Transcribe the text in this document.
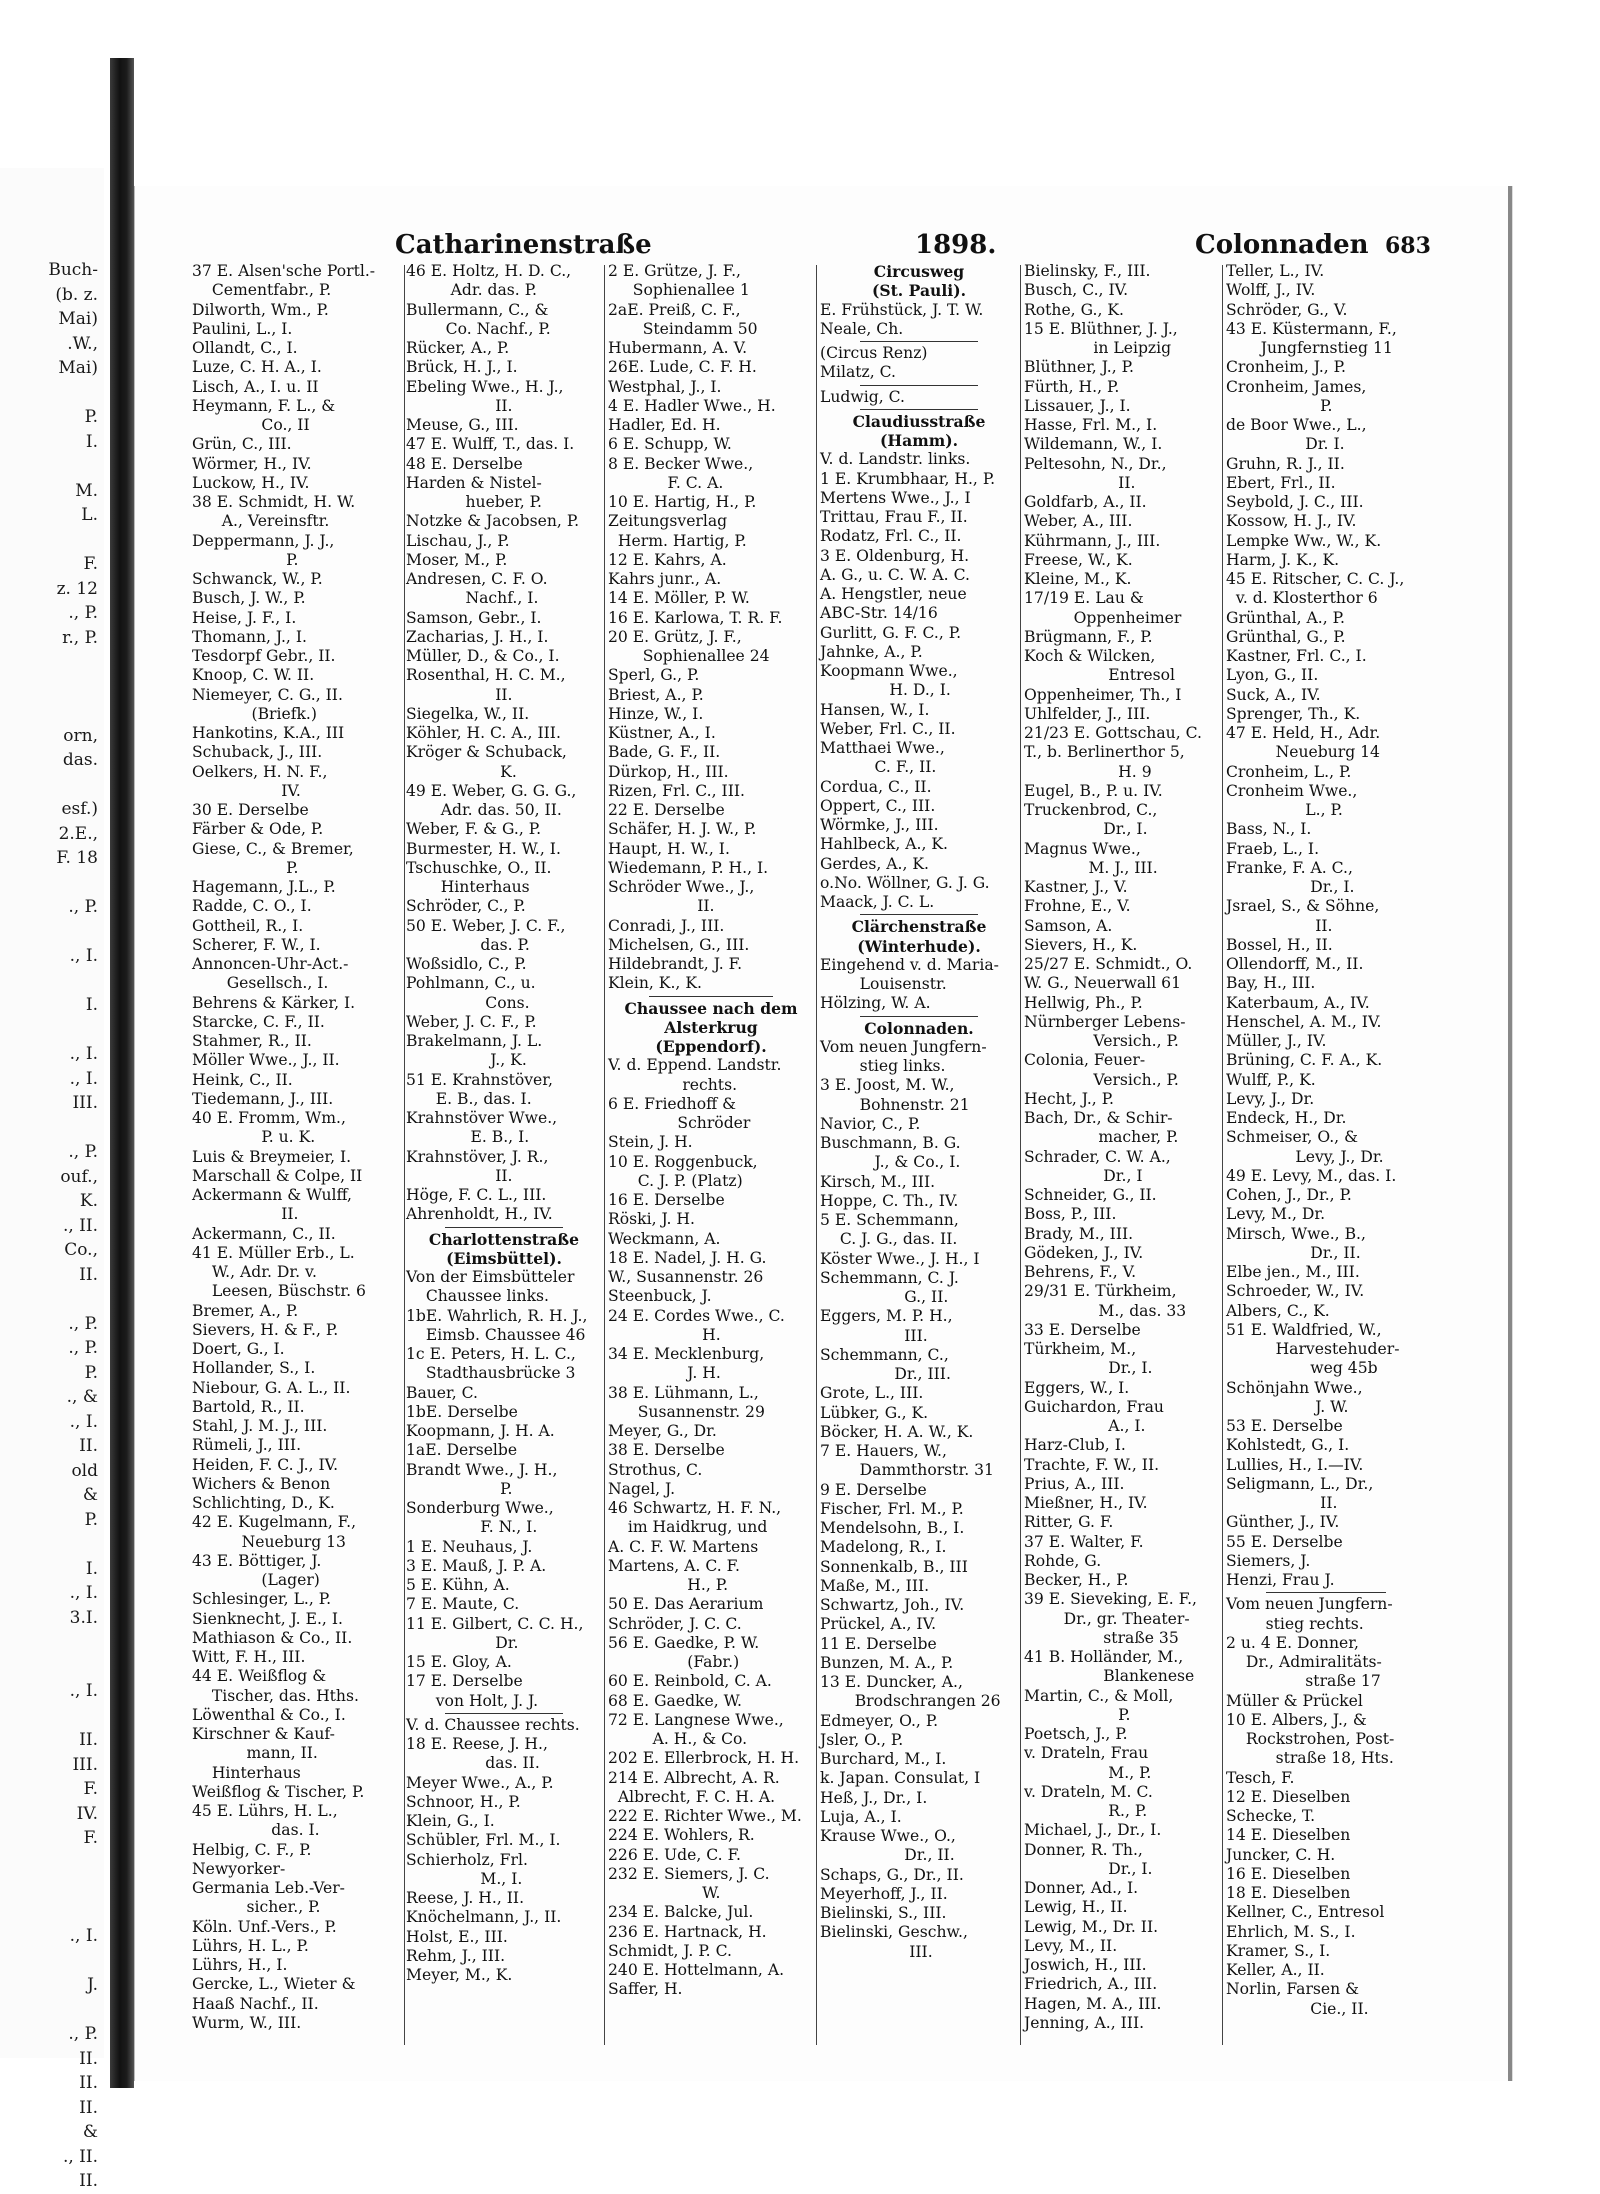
Buch-
(b. z.
Mai)
.W.,
Mai)

P.
I.

M.
L.

F.
z. 12
., P.
r., P.

orn,
das.

esf.)
2.E.,
F. 18

., P.

., I.

I.

., I.
., I.
III.

., P.
ouf.,
K.
., II.
Co.,
II.

., P.
., P.
P.
., &
., I.
II.
old
&
P.

I.
., I.
3.I.

., I.

II.
III.
F.
IV.
F.

., I.

J.

., P.
II.
II.
II.
&
., II.
II.
Catharinenstraße	1898.	Colonnaden 683
37 E. Alsen'sche Portl.-
Cementfabr., P.
Dilworth, Wm., P.
Paulini, L., I.
Ollandt, C., I.
Luze, C. H. A., I.
Lisch, A., I. u. II
Heymann, F. L., &
Co., II
Grün, C., III.
Wörmer, H., IV.
Luckow, H., IV.
38 E. Schmidt, H. W.
A., Vereinsftr.
Deppermann, J. J.,
P.
Schwanck, W., P.
Busch, J. W., P.
Heise, J. F., I.
Thomann, J., I.
Tesdorpf Gebr., II.
Knoop, C. W. II.
Niemeyer, C. G., II.
(Briefk.)
Hankotins, K.A., III
Schuback, J., III.
Oelkers, H. N. F.,
IV.
30 E. Derselbe
Färber & Ode, P.
Giese, C., & Bremer,
P.
Hagemann, J.L., P.
Radde, C. O., I.
Gottheil, R., I.
Scherer, F. W., I.
Annoncen-Uhr-Act.-
Gesellsch., I.
Behrens & Kärker, I.
Starcke, C. F., II.
Stahmer, R., II.
Möller Wwe., J., II.
Heink, C., II.
Tiedemann, J., III.
40 E. Fromm, Wm.,
P. u. K.
Luis & Breymeier, I.
Marschall & Colpe, II
Ackermann & Wulff,
II.
Ackermann, C., II.
41 E. Müller Erb., L.
W., Adr. Dr. v.
Leesen, Büschstr. 6
Bremer, A., P.
Sievers, H. & F., P.
Doert, G., I.
Hollander, S., I.
Niebour, G. A. L., II.
Bartold, R., II.
Stahl, J. M. J., III.
Rümeli, J., III.
Heiden, F. C. J., IV.
Wichers & Benon
Schlichting, D., K.
42 E. Kugelmann, F.,
Neueburg 13
43 E. Böttiger, J.
(Lager)
Schlesinger, L., P.
Sienknecht, J. E., I.
Mathiason & Co., II.
Witt, F. H., III.
44 E. Weißflog &
Tischer, das. Hths.
Löwenthal & Co., I.
Kirschner & Kauf-
mann, II.
Hinterhaus
Weißflog & Tischer, P.
45 E. Lührs, H. L.,
das. I.
Helbig, C. F., P.
Newyorker-
Germania Leb.-Ver-
sicher., P.
Köln. Unf.-Vers., P.
Lührs, H. L., P.
Lührs, H., I.
Gercke, L., Wieter &
Haaß Nachf., II.
Wurm, W., III.
46 E. Holtz, H. D. C.,
Adr. das. P.
Bullermann, C., &
Co. Nachf., P.
Rücker, A., P.
Brück, H. J., I.
Ebeling Wwe., H. J.,
II.
Meuse, G., III.
47 E. Wulff, T., das. I.
48 E. Derselbe
Harden & Nistel-
hueber, P.
Notzke & Jacobsen, P.
Lischau, J., P.
Moser, M., P.
Andresen, C. F. O.
Nachf., I.
Samson, Gebr., I.
Zacharias, J. H., I.
Müller, D., & Co., I.
Rosenthal, H. C. M.,
II.
Siegelka, W., II.
Köhler, H. C. A., III.
Kröger & Schuback,
K.
49 E. Weber, G. G. G.,
Adr. das. 50, II.
Weber, F. & G., P.
Burmester, H. W., I.
Tschuschke, O., II.
Hinterhaus
Schröder, C., P.
50 E. Weber, J. C. F.,
das. P.
Woßsidlo, C., P.
Pohlmann, C., u.
Cons.
Weber, J. C. F., P.
Brakelmann, J. L.
J., K.
51 E. Krahnstöver,
E. B., das. I.
Krahnstöver Wwe.,
E. B., I.
Krahnstöver, J. R.,
II.
Höge, F. C. L., III.
Ahrenholdt, H., IV.
Charlottenstraße
(Eimsbüttel).
Von der Eimsbütteler
Chaussee links.
1bE. Wahrlich, R. H. J.,
Eimsb. Chaussee 46
1c E. Peters, H. L. C.,
Stadthausbrücke 3
Bauer, C.
1bE. Derselbe
Koopmann, J. H. A.
1aE. Derselbe
Brandt Wwe., J. H.,
P.
Sonderburg Wwe.,
F. N., I.
1 E. Neuhaus, J.
3 E. Mauß, J. P. A.
5 E. Kühn, A.
7 E. Maute, C.
11 E. Gilbert, C. C. H.,
Dr.
15 E. Gloy, A.
17 E. Derselbe
von Holt, J. J.
V. d. Chaussee rechts.
18 E. Reese, J. H.,
das. II.
Meyer Wwe., A., P.
Schnoor, H., P.
Klein, G., I.
Schübler, Frl. M., I.
Schierholz, Frl.
M., I.
Reese, J. H., II.
Knöchelmann, J., II.
Holst, E., III.
Rehm, J., III.
Meyer, M., K.
2 E. Grütze, J. F.,
Sophienallee 1
2aE. Preiß, C. F.,
Steindamm 50
Hubermann, A. V.
26E. Lude, C. F. H.
Westphal, J., I.
4 E. Hadler Wwe., H.
Hadler, Ed. H.
6 E. Schupp, W.
8 E. Becker Wwe.,
F. C. A.
10 E. Hartig, H., P.
Zeitungsverlag
Herm. Hartig, P.
12 E. Kahrs, A.
Kahrs junr., A.
14 E. Möller, P. W.
16 E. Karlowa, T. R. F.
20 E. Grütz, J. F.,
Sophienallee 24
Sperl, G., P.
Briest, A., P.
Hinze, W., I.
Küstner, A., I.
Bade, G. F., II.
Dürkop, H., III.
Rizen, Frl. C., III.
22 E. Derselbe
Schäfer, H. J. W., P.
Haupt, H. W., I.
Wiedemann, P. H., I.
Schröder Wwe., J.,
II.
Conradi, J., III.
Michelsen, G., III.
Hildebrandt, J. F.
Klein, K., K.
Chaussee nach dem
Alsterkrug
(Eppendorf).
V. d. Eppend. Landstr.
rechts.
6 E. Friedhoff &
Schröder
Stein, J. H.
10 E. Roggenbuck,
C. J. P. (Platz)
16 E. Derselbe
Röski, J. H.
Weckmann, A.
18 E. Nadel, J. H. G.
W., Susannenstr. 26
Steenbuck, J.
24 E. Cordes Wwe., C.
H.
34 E. Mecklenburg,
J. H.
38 E. Lühmann, L.,
Susannenstr. 29
Meyer, G., Dr.
38 E. Derselbe
Strothus, C.
Nagel, J.
46 Schwartz, H. F. N.,
im Haidkrug, und
A. C. F. W. Martens
Martens, A. C. F.
H., P.
50 E. Das Aerarium
Schröder, J. C. C.
56 E. Gaedke, P. W.
(Fabr.)
60 E. Reinbold, C. A.
68 E. Gaedke, W.
72 E. Langnese Wwe.,
A. H., & Co.
202 E. Ellerbrock, H. H.
214 E. Albrecht, A. R.
Albrecht, F. C. H. A.
222 E. Richter Wwe., M.
224 E. Wohlers, R.
226 E. Ude, C. F.
232 E. Siemers, J. C.
W.
234 E. Balcke, Jul.
236 E. Hartnack, H.
Schmidt, J. P. C.
240 E. Hottelmann, A.
Saffer, H.
Circusweg
(St. Pauli).
E. Frühstück, J. T. W.
Neale, Ch.
(Circus Renz)
Milatz, C.
Ludwig, C.
Claudiusstraße
(Hamm).
V. d. Landstr. links.
1 E. Krumbhaar, H., P.
Mertens Wwe., J., I
Trittau, Frau F., II.
Rodatz, Frl. C., II.
3 E. Oldenburg, H.
A. G., u. C. W. A. C.
A. Hengstler, neue
ABC-Str. 14/16
Gurlitt, G. F. C., P.
Jahnke, A., P.
Koopmann Wwe.,
H. D., I.
Hansen, W., I.
Weber, Frl. C., II.
Matthaei Wwe.,
C. F., II.
Cordua, C., II.
Oppert, C., III.
Wörmke, J., III.
Hahlbeck, A., K.
Gerdes, A., K.
o.No. Wöllner, G. J. G.
Maack, J. C. L.
Clärchenstraße
(Winterhude).
Eingehend v. d. Maria-
Louisenstr.
Hölzing, W. A.
Colonnaden.
Vom neuen Jungfern-
stieg links.
3 E. Joost, M. W.,
Bohnenstr. 21
Navior, C., P.
Buschmann, B. G.
J., & Co., I.
Kirsch, M., III.
Hoppe, C. Th., IV.
5 E. Schemmann,
C. J. G., das. II.
Köster Wwe., J. H., I
Schemmann, C. J.
G., II.
Eggers, M. P. H.,
III.
Schemmann, C.,
Dr., III.
Grote, L., III.
Lübker, G., K.
Böcker, H. A. W., K.
7 E. Hauers, W.,
Dammthorstr. 31
9 E. Derselbe
Fischer, Frl. M., P.
Mendelsohn, B., I.
Madelong, R., I.
Sonnenkalb, B., III
Maße, M., III.
Schwartz, Joh., IV.
Prückel, A., IV.
11 E. Derselbe
Bunzen, M. A., P.
13 E. Duncker, A.,
Brodschrangen 26
Edmeyer, O., P.
Jsler, O., P.
Burchard, M., I.
k. Japan. Consulat, I
Heß, J., Dr., I.
Luja, A., I.
Krause Wwe., O.,
Dr., II.
Schaps, G., Dr., II.
Meyerhoff, J., II.
Bielinski, S., III.
Bielinski, Geschw.,
III.
Bielinsky, F., III.
Busch, C., IV.
Rothe, G., K.
15 E. Blüthner, J. J.,
in Leipzig
Blüthner, J., P.
Fürth, H., P.
Lissauer, J., I.
Hasse, Frl. M., I.
Wildemann, W., I.
Peltesohn, N., Dr.,
II.
Goldfarb, A., II.
Weber, A., III.
Kührmann, J., III.
Freese, W., K.
Kleine, M., K.
17/19 E. Lau &
Oppenheimer
Brügmann, F., P.
Koch & Wilcken,
Entresol
Oppenheimer, Th., I
Uhlfelder, J., III.
21/23 E. Gottschau, C.
T., b. Berlinerthor 5,
H. 9
Eugel, B., P. u. IV.
Truckenbrod, C.,
Dr., I.
Magnus Wwe.,
M. J., III.
Kastner, J., V.
Frohne, E., V.
Samson, A.
Sievers, H., K.
25/27 E. Schmidt., O.
W. G., Neuerwall 61
Hellwig, Ph., P.
Nürnberger Lebens-
Versich., P.
Colonia, Feuer-
Versich., P.
Hecht, J., P.
Bach, Dr., & Schir-
macher, P.
Schrader, C. W. A.,
Dr., I
Schneider, G., II.
Boss, P., III.
Brady, M., III.
Gödeken, J., IV.
Behrens, F., V.
29/31 E. Türkheim,
M., das. 33
33 E. Derselbe
Türkheim, M.,
Dr., I.
Eggers, W., I.
Guichardon, Frau
A., I.
Harz-Club, I.
Trachte, F. W., II.
Prius, A., III.
Mießner, H., IV.
Ritter, G. F.
37 E. Walter, F.
Rohde, G.
Becker, H., P.
39 E. Sieveking, E. F.,
Dr., gr. Theater-
straße 35
41 B. Holländer, M.,
Blankenese
Martin, C., & Moll,
P.
Poetsch, J., P.
v. Drateln, Frau
M., P.
v. Drateln, M. C.
R., P.
Michael, J., Dr., I.
Donner, R. Th.,
Dr., I.
Donner, Ad., I.
Lewig, H., II.
Lewig, M., Dr. II.
Levy, M., II.
Joswich, H., III.
Friedrich, A., III.
Hagen, M. A., III.
Jenning, A., III.
Teller, L., IV.
Wolff, J., IV.
Schröder, G., V.
43 E. Küstermann, F.,
Jungfernstieg 11
Cronheim, J., P.
Cronheim, James,
P.
de Boor Wwe., L.,
Dr. I.
Gruhn, R. J., II.
Ebert, Frl., II.
Seybold, J. C., III.
Kossow, H. J., IV.
Lempke Ww., W., K.
Harm, J. K., K.
45 E. Ritscher, C. C. J.,
v. d. Klosterthor 6
Grünthal, A., P.
Grünthal, G., P.
Kastner, Frl. C., I.
Lyon, G., II.
Suck, A., IV.
Sprenger, Th., K.
47 E. Held, H., Adr.
Neueburg 14
Cronheim, L., P.
Cronheim Wwe.,
L., P.
Bass, N., I.
Fraeb, L., I.
Franke, F. A. C.,
Dr., I.
Jsrael, S., & Söhne,
II.
Bossel, H., II.
Ollendorff, M., II.
Bay, H., III.
Katerbaum, A., IV.
Henschel, A. M., IV.
Müller, J., IV.
Brüning, C. F. A., K.
Wulff, P., K.
Levy, J., Dr.
Endeck, H., Dr.
Schmeiser, O., &
Levy, J., Dr.
49 E. Levy, M., das. I.
Cohen, J., Dr., P.
Levy, M., Dr.
Mirsch, Wwe., B.,
Dr., II.
Elbe jen., M., III.
Schroeder, W., IV.
Albers, C., K.
51 E. Waldfried, W.,
Harvestehuder-
weg 45b
Schönjahn Wwe.,
J. W.
53 E. Derselbe
Kohlstedt, G., I.
Lullies, H., I.—IV.
Seligmann, L., Dr.,
II.
Günther, J., IV.
55 E. Derselbe
Siemers, J.
Henzi, Frau J.
Vom neuen Jungfern-
stieg rechts.
2 u. 4 E. Donner,
Dr., Admiralitäts-
straße 17
Müller & Prückel
10 E. Albers, J., &
Rockstrohen, Post-
straße 18, Hts.
Tesch, F.
12 E. Dieselben
Schecke, T.
14 E. Dieselben
Juncker, C. H.
16 E. Dieselben
18 E. Dieselben
Kellner, C., Entresol
Ehrlich, M. S., I.
Kramer, S., I.
Keller, A., II.
Norlin, Farsen &
Cie., II.
